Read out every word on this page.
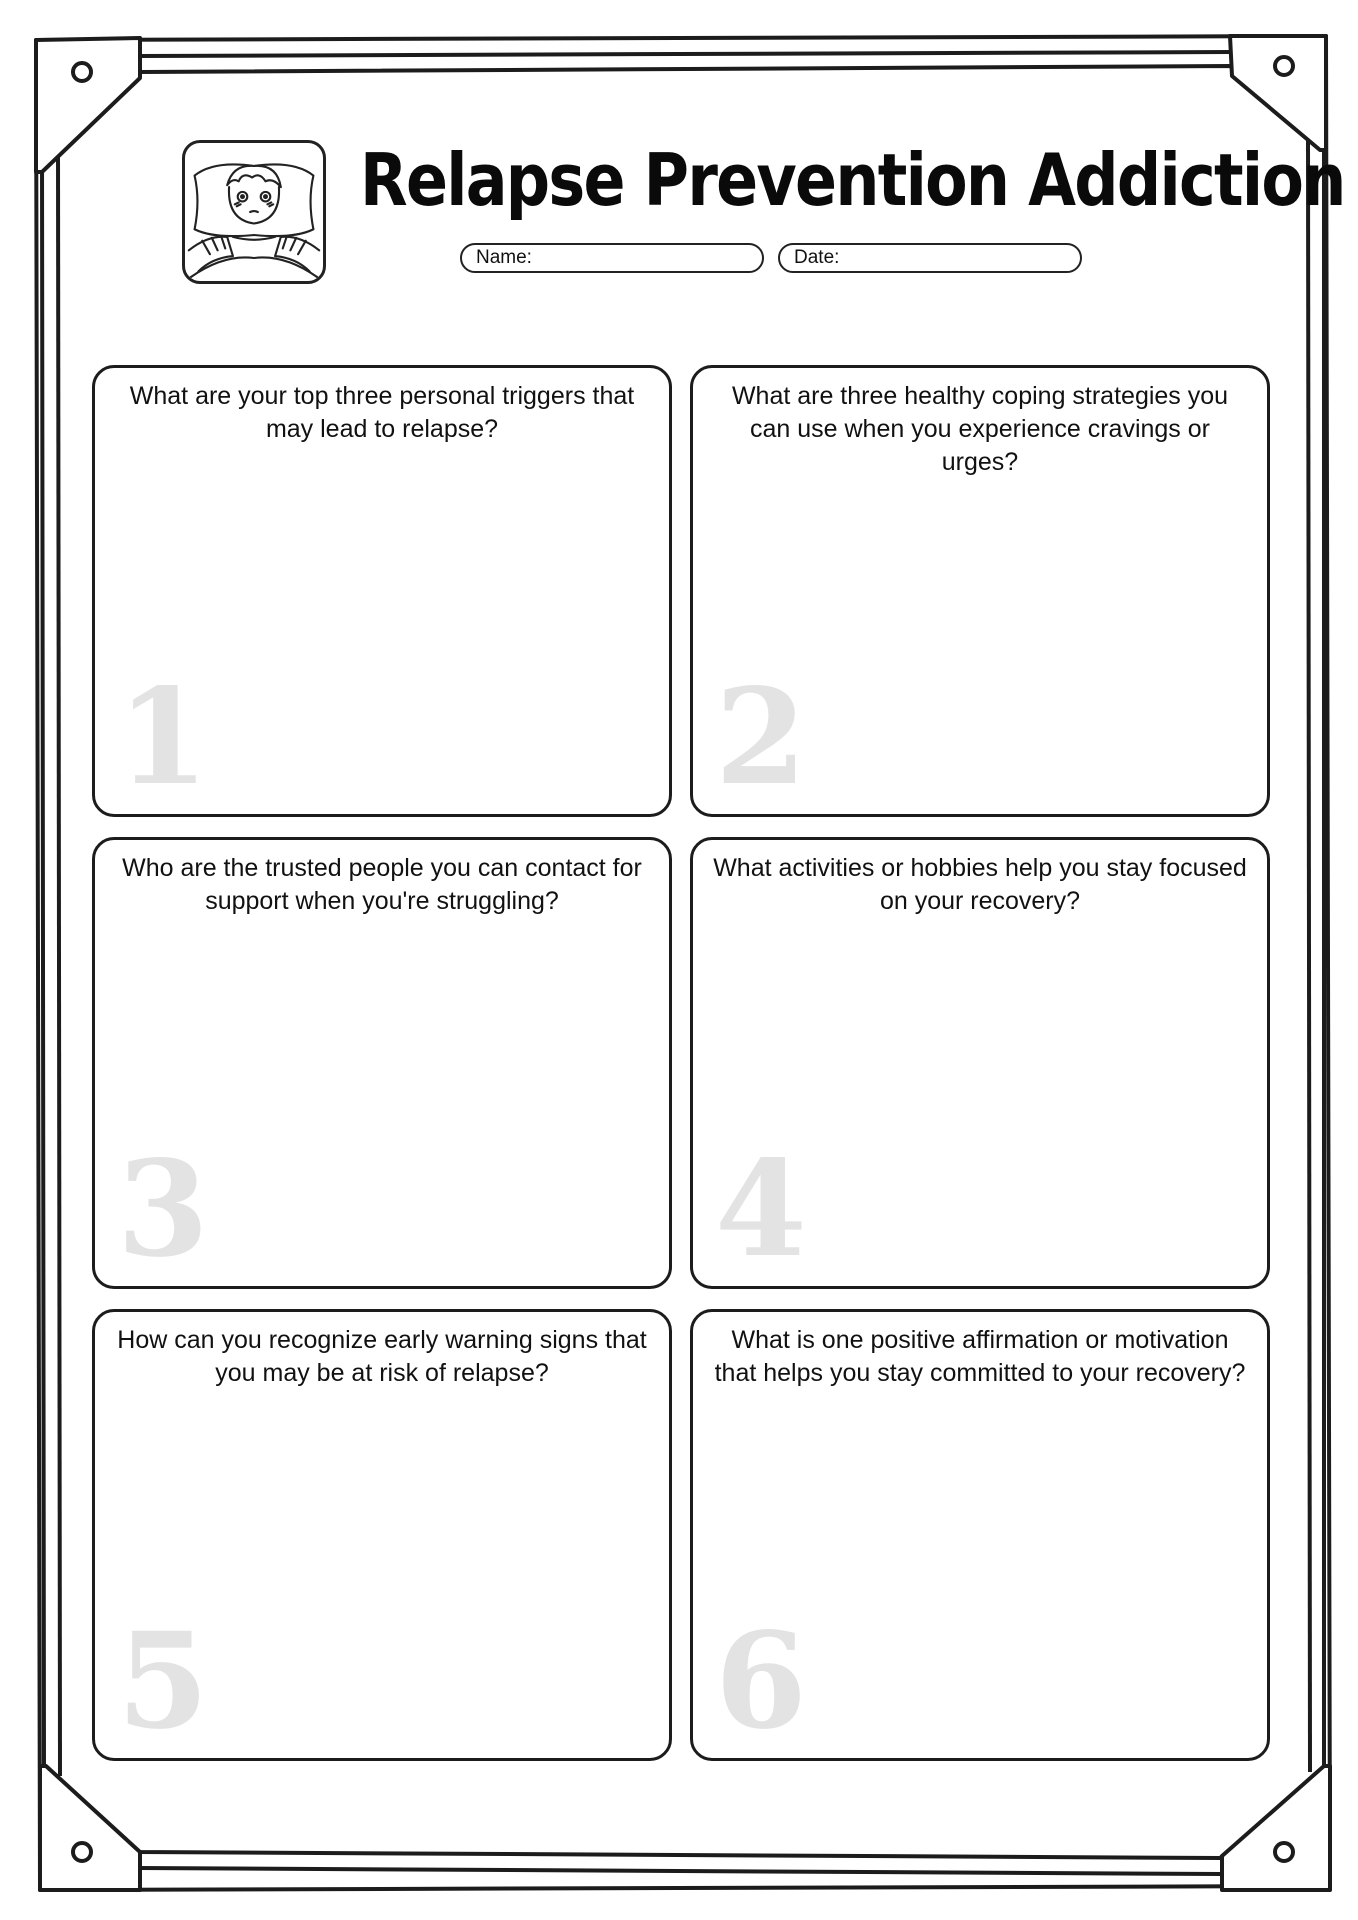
Relapse Prevention Addiction
Name:	Date:
What are your top three personal triggers that may lead to relapse?
1
What are three healthy coping strategies you can use when you experience cravings or urges?
2
Who are the trusted people you can contact for support when you're struggling?
3
What activities or hobbies help you stay focused on your recovery?
4
How can you recognize early warning signs that you may be at risk of relapse?
5
What is one positive affirmation or motivation that helps you stay committed to your recovery?
6
